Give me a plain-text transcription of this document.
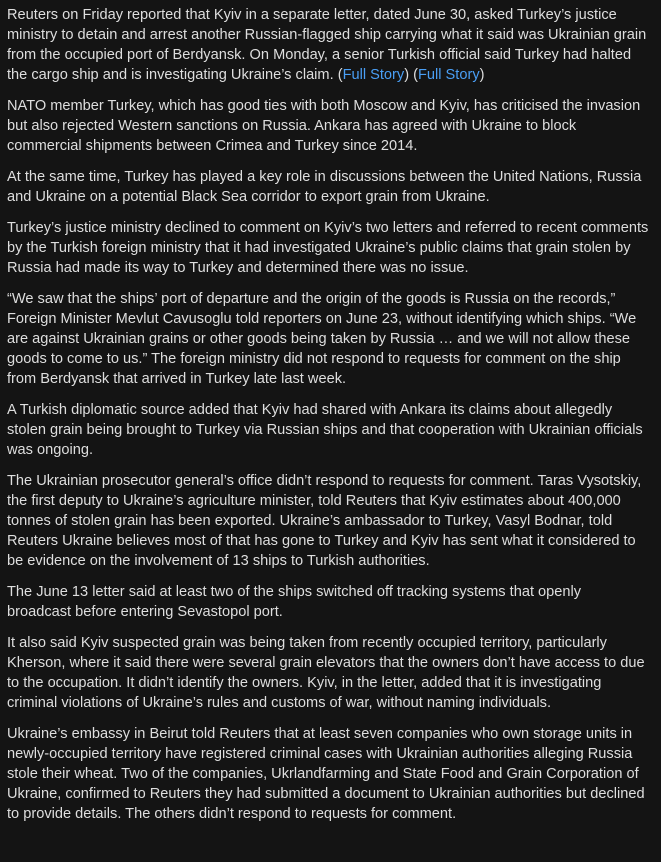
Reuters on Friday reported that Kyiv in a separate letter, dated June 30, asked Turkey’s justice ministry to detain and arrest another Russian-flagged ship carrying what it said was Ukrainian grain from the occupied port of Berdyansk. On Monday, a senior Turkish official said Turkey had halted the cargo ship and is investigating Ukraine’s claim. (Full Story) (Full Story)

NATO member Turkey, which has good ties with both Moscow and Kyiv, has criticised the invasion but also rejected Western sanctions on Russia. Ankara has agreed with Ukraine to block commercial shipments between Crimea and Turkey since 2014.

At the same time, Turkey has played a key role in discussions between the United Nations, Russia and Ukraine on a potential Black Sea corridor to export grain from Ukraine.

Turkey’s justice ministry declined to comment on Kyiv’s two letters and referred to recent comments by the Turkish foreign ministry that it had investigated Ukraine’s public claims that grain stolen by Russia had made its way to Turkey and determined there was no issue.

“We saw that the ships’ port of departure and the origin of the goods is Russia on the records,” Foreign Minister Mevlut Cavusoglu told reporters on June 23, without identifying which ships. “We are against Ukrainian grains or other goods being taken by Russia … and we will not allow these goods to come to us.” The foreign ministry did not respond to requests for comment on the ship from Berdyansk that arrived in Turkey late last week.

A Turkish diplomatic source added that Kyiv had shared with Ankara its claims about allegedly stolen grain being brought to Turkey via Russian ships and that cooperation with Ukrainian officials was ongoing.

The Ukrainian prosecutor general’s office didn’t respond to requests for comment. Taras Vysotskiy, the first deputy to Ukraine’s agriculture minister, told Reuters that Kyiv estimates about 400,000 tonnes of stolen grain has been exported. Ukraine’s ambassador to Turkey, Vasyl Bodnar, told Reuters Ukraine believes most of that has gone to Turkey and Kyiv has sent what it considered to be evidence on the involvement of 13 ships to Turkish authorities.

The June 13 letter said at least two of the ships switched off tracking systems that openly broadcast before entering Sevastopol port.

It also said Kyiv suspected grain was being taken from recently occupied territory, particularly Kherson, where it said there were several grain elevators that the owners don’t have access to due to the occupation. It didn’t identify the owners. Kyiv, in the letter, added that it is investigating criminal violations of Ukraine’s rules and customs of war, without naming individuals.

Ukraine’s embassy in Beirut told Reuters that at least seven companies who own storage units in newly-occupied territory have registered criminal cases with Ukrainian authorities alleging Russia stole their wheat. Two of the companies, Ukrlandfarming and State Food and Grain Corporation of Ukraine, confirmed to Reuters they had submitted a document to Ukrainian authorities but declined to provide details. The others didn’t respond to requests for comment.
